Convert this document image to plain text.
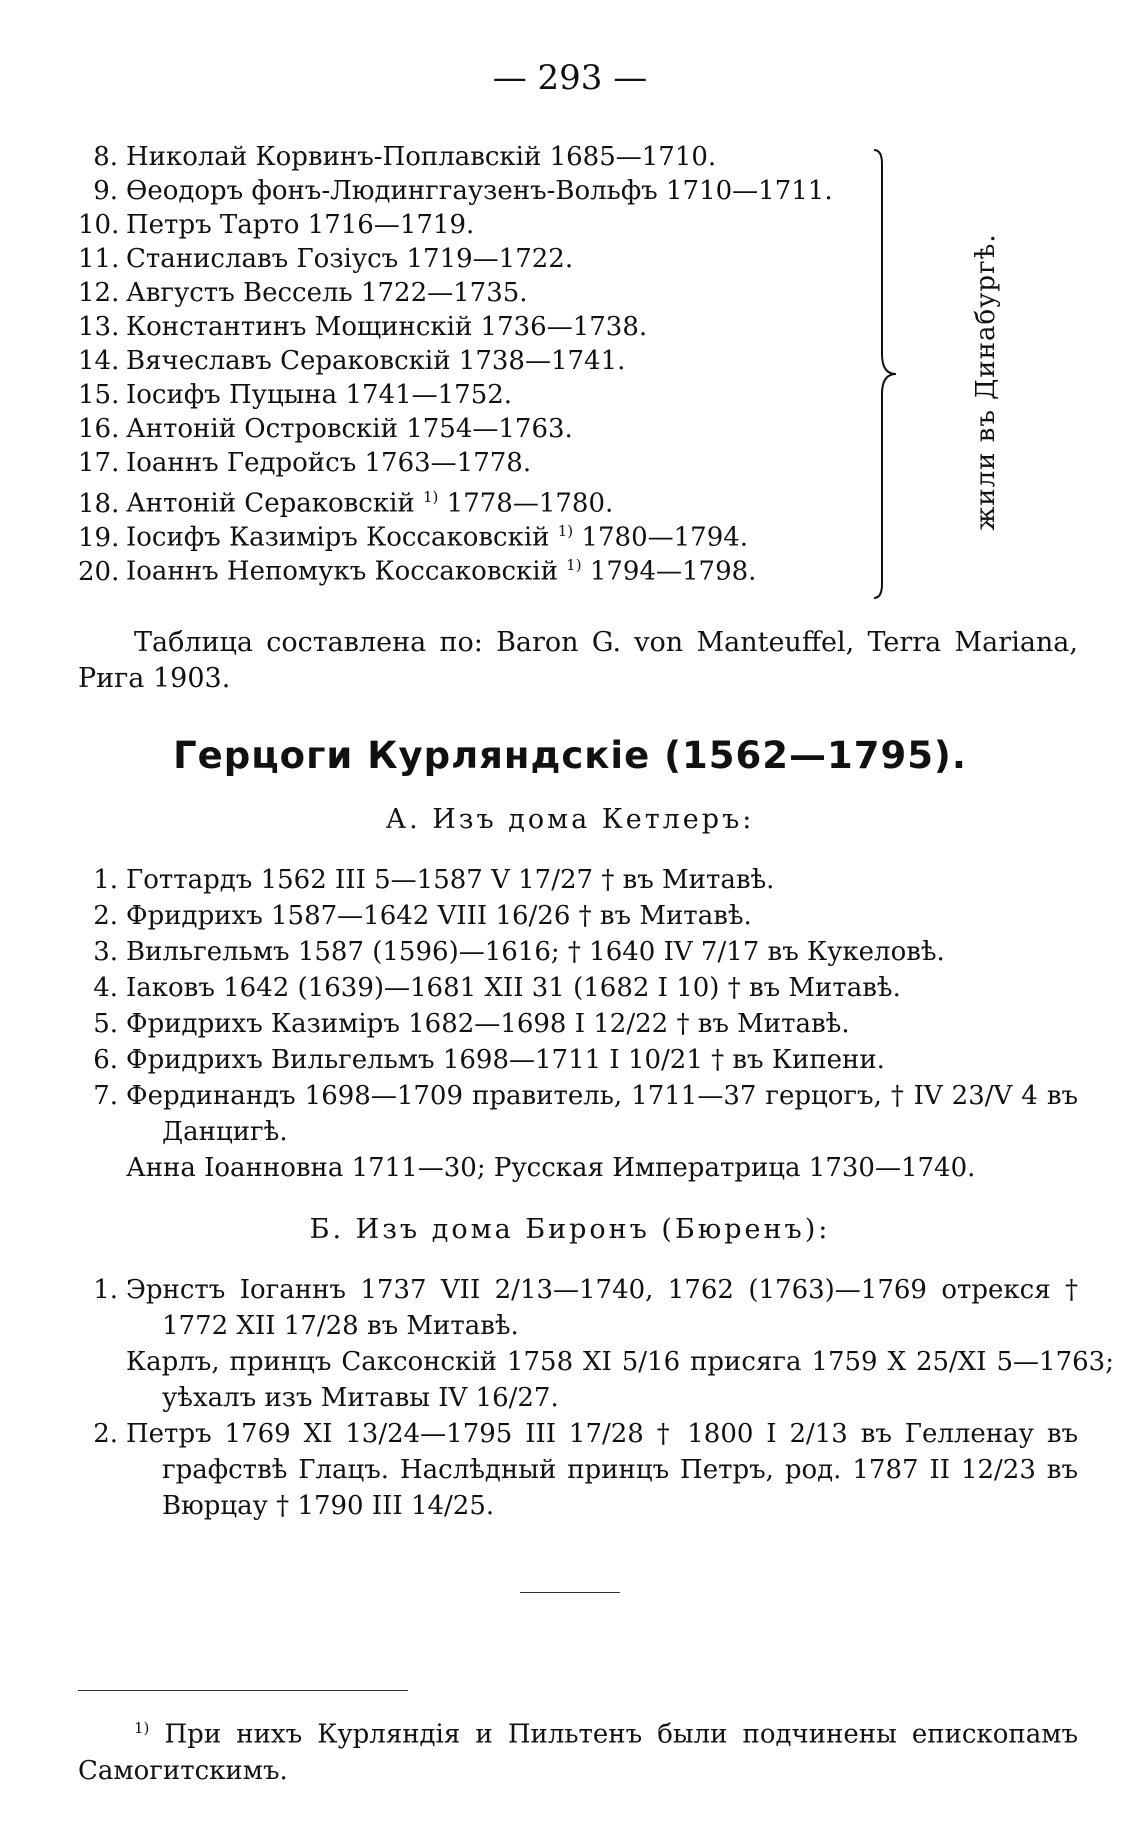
— 293 —
8. Николай Корвинъ-Поплавскій 1685—1710.
9. Өеодоръ фонъ-Людинггаузенъ-Вольфъ 1710—1711.
10. Петръ Тарто 1716—1719.
11. Станиславъ Гозіусъ 1719—1722.
12. Августъ Вессель 1722—1735.
13. Константинъ Мощинскій 1736—1738.
14. Вячеславъ Сераковскій 1738—1741.
15. Іосифъ Пуцына 1741—1752.
16. Антоній Островскій 1754—1763.
17. Іоаннъ Гедройсъ 1763—1778.
18. Антоній Сераковскій $^{1)}$ 1778—1780.
19. Іосифъ Казиміръ Коссаковскій $^{1)}$ 1780—1794.
20. Іоаннъ Непомукъ Коссаковскій $^{1)}$ 1794—1798.
жили въ Динабургѣ.
Таблица составлена по: Baron G. von Manteuffel, Terra Mariana, Рига 1903.
Герцоги Курляндскіе (1562—1795).
А. Изъ дома Кетлеръ:
1. Готтардъ 1562 III 5—1587 V 17/27 † въ Митавѣ.
2. Фридрихъ 1587—1642 VIII 16/26 † въ Митавѣ.
3. Вильгельмъ 1587 (1596)—1616; † 1640 IV 7/17 въ Кукеловѣ.
4. Іаковъ 1642 (1639)—1681 XII 31 (1682 I 10) † въ Митавѣ.
5. Фридрихъ Казиміръ 1682—1698 I 12/22 † въ Митавѣ.
6. Фридрихъ Вильгельмъ 1698—1711 I 10/21 † въ Кипени.
7. Фердинандъ 1698—1709 правитель, 1711—37 герцогъ, † IV 23/V 4 въ Данцигѣ.
Анна Іоанновна 1711—30; Русская Императрица 1730—1740.
Б. Изъ дома Биронъ (Бюренъ):
1. Эрнстъ Іоганнъ 1737 VII 2/13—1740, 1762 (1763)—1769 отрекся † 1772 XII 17/28 въ Митавѣ.
Карлъ, принцъ Саксонскій 1758 XI 5/16 присяга 1759 X 25/XI 5—1763; уѣхалъ изъ Митавы IV 16/27.
2. Петръ 1769 XI 13/24—1795 III 17/28 † 1800 I 2/13 въ Гелленау въ графствѣ Глацъ. Наслѣдный принцъ Петръ, род. 1787 II 12/23 въ Вюрцау † 1790 III 14/25.
$^{1)}$ При нихъ Курляндія и Пильтенъ были подчинены епископамъ Самогитскимъ.
